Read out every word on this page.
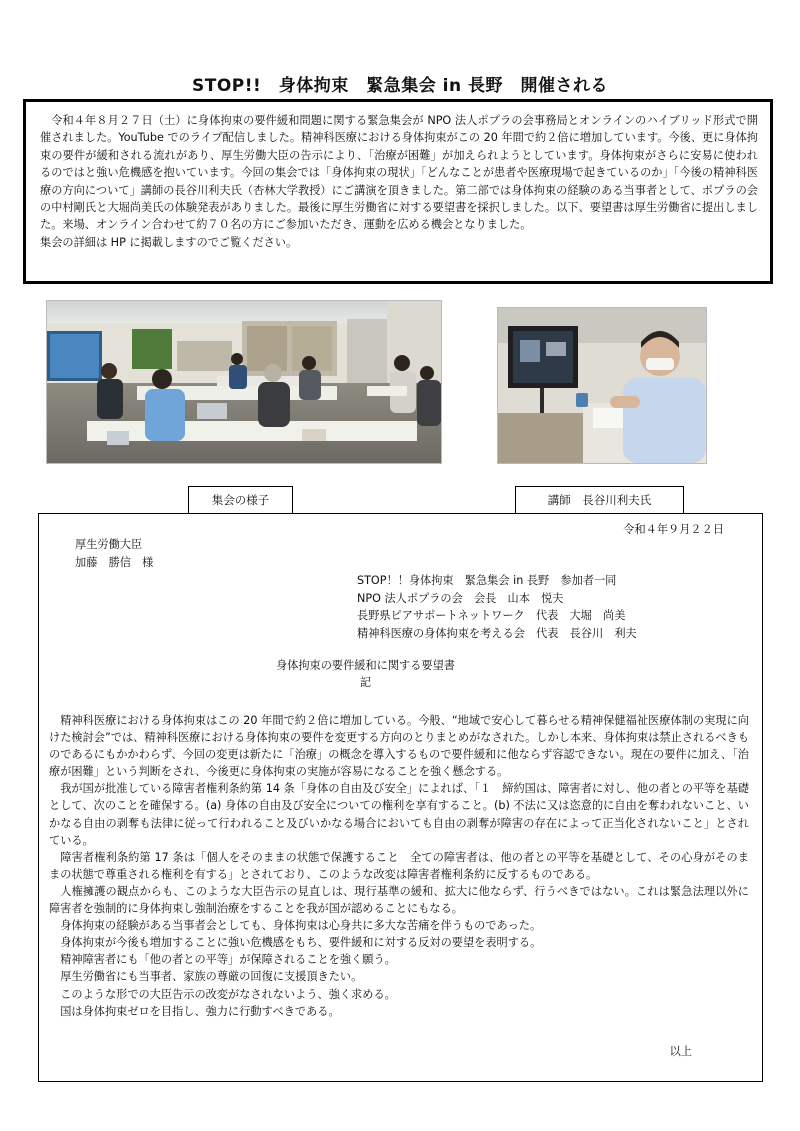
STOP!!　身体拘束　緊急集会 in 長野　開催される

令和４年８月２７日（土）に身体拘束の要件緩和問題に関する緊急集会が NPO 法人ポプラの会事務局とオンラインのハイブリッド形式で開催されました。YouTube でのライブ配信しました。精神科医療における身体拘束がこの 20 年間で約２倍に増加しています。今後、更に身体拘束の要件が緩和される流れがあり、厚生労働大臣の告示により、「治療が困難」が加えられようとしています。身体拘束がさらに安易に使われるのではと強い危機感を抱いています。今回の集会では「身体拘束の現状」「どんなことが患者や医療現場で起きているのか」「今後の精神科医療の方向について」講師の長谷川利夫氏（杏林大学教授）にご講演を頂きました。第二部では身体拘束の経験のある当事者として、ポプラの会の中村剛氏と大堀尚美氏の体験発表がありました。最後に厚生労働省に対する要望書を採択しました。以下、要望書は厚生労働省に提出しました。来場、オンライン合わせて約７０名の方にご参加いただき、運動を広める機会となりました。

集会の詳細は HP に掲載しますのでご覧ください。

集会の様子	講師　長谷川利夫氏
令和４年９月２２日
厚生労働大臣
加藤　勝信　様
STOP！！身体拘束　緊急集会 in 長野　参加者一同
NPO 法人ポプラの会　会長　山本　悦夫
長野県ピアサポートネットワーク　代表　大堀　尚美
精神科医療の身体拘束を考える会　代表　長谷川　利夫
身体拘束の要件緩和に関する要望書
記

　精神科医療における身体拘束はこの 20 年間で約２倍に増加している。今般、“地域で安心して暮らせる精神保健福祉医療体制の実現に向けた検討会”では、精神科医療における身体拘束の要件を変更する方向のとりまとめがなされた。しかし本来、身体拘束は禁止されるべきものであるにもかかわらず、今回の変更は新たに「治療」の概念を導入するもので要件緩和に他ならず容認できない。現在の要件に加え、「治療が困難」という判断をされ、今後更に身体拘束の実施が容易になることを強く懸念する。

　我が国が批准している障害者権利条約第 14 条「身体の自由及び安全」によれば、「１　締約国は、障害者に対し、他の者との平等を基礎として、次のことを確保する。(a) 身体の自由及び安全についての権利を享有すること。(b) 不法に又は恣意的に自由を奪われないこと、いかなる自由の剥奪も法律に従って行われること及びいかなる場合においても自由の剥奪が障害の存在によって正当化されないこと」とされている。

　障害者権利条約第 17 条は「個人をそのままの状態で保護すること　全ての障害者は、他の者との平等を基礎として、その心身がそのままの状態で尊重される権利を有する」とされており、このような改変は障害者権利条約に反するものである。

　人権擁護の観点からも、このような大臣告示の見直しは、現行基準の緩和、拡大に他ならず、行うべきではない。これは緊急法理以外に障害者を強制的に身体拘束し強制治療をすることを我が国が認めることにもなる。

　身体拘束の経験がある当事者会としても、身体拘束は心身共に多大な苦痛を伴うものであった。

　身体拘束が今後も増加することに強い危機感をもち、要件緩和に対する反対の要望を表明する。

　精神障害者にも「他の者との平等」が保障されることを強く願う。

　厚生労働省にも当事者、家族の尊厳の回復に支援頂きたい。

　このような形での大臣告示の改変がなされないよう、強く求める。

　国は身体拘束ゼロを目指し、強力に行動すべきである。

以上
